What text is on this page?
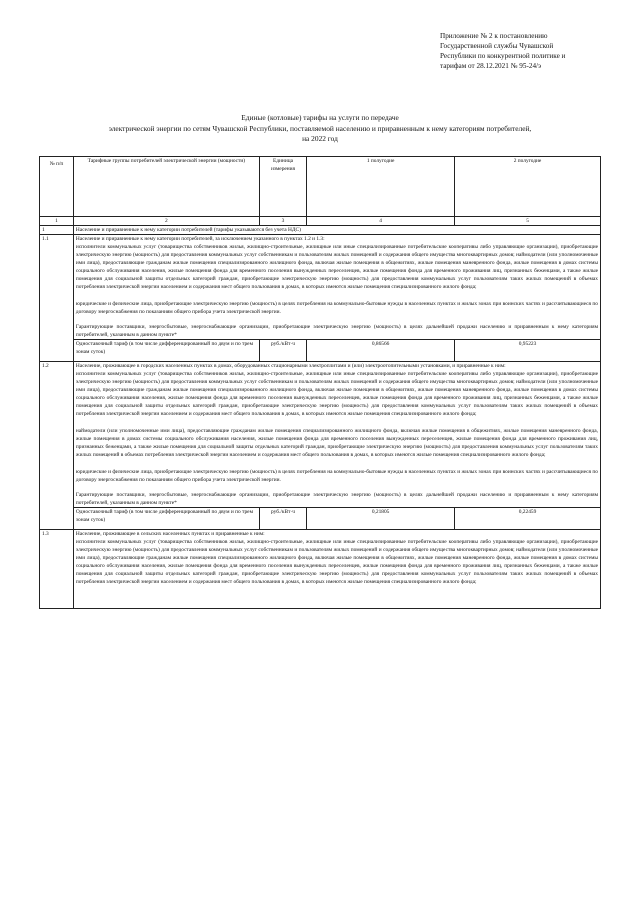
Приложение № 2 к постановлению
Государственной службы Чувашской
Республики по конкурентной политике и
тарифам от 28.12.2021 № 95-24/э
Единые (котловые) тарифы на услуги по передаче
электрической энергии по сетям Чувашской Республики, поставляемой населению и приравненным к нему категориям потребителей,
на 2022 год
№ п/п	Тарифные группы потребителей электрической энергии (мощности)	Единица измерения	1 полугодие	2 полугодие
1	2	3	4	5
1	Население и приравненные к нему категории потребителей (тарифы указываются без учета НДС)			
1.1	Население и приравненные к нему категории потребителей, за исключением указанного в пунктах 1.2 и 1.3:
исполнители коммунальных услуг (товарищества собственников жилья, жилищно-строительные, жилищные или иные специализированные потребительские кооперативы либо управляющие организации), приобретающие электрическую энергию (мощность) для предоставления коммунальных услуг собственникам и пользователям жилых помещений и содержания общего имущества многоквартирных домов; наймодатели (или уполномоченные ими лица), предоставляющие гражданам жилые помещения специализированного жилищного фонда, включая жилые помещения в общежитиях, жилые помещения маневренного фонда, жилые помещения в домах системы социального обслуживания населения, жилые помещения фонда для временного поселения вынужденных переселенцев, жилые помещения фонда для временного проживания лиц, признанных беженцами, а также жилые помещения для социальной защиты отдельных категорий граждан, приобретающие электрическую энергию (мощность) для предоставления коммунальных услуг пользователям таких жилых помещений в объемах потребления электрической энергии населением и содержания мест общего пользования в домах, в которых имеются жилые помещения специализированного жилого фонда;
юридические и физические лица, приобретающие электрическую энергию (мощность) в целях потребления на коммунально-бытовые нужды в населенных пунктах и жилых зонах при воинских частях и рассчитывающиеся по договору энергоснабжения по показаниям общего прибора учета электрической энергии.
Гарантирующие поставщики, энергосбытовые, энергоснабжающие организации, приобретающие электрическую энергию (мощность) в целях дальнейшей продажи населению и приравненным к нему категориям потребителей, указанным в данном пункте*			

	Одноставочный тариф (в том числе дифференцированный по двум и по трем зонам суток)	руб./кВт·ч	0,86566	0,95223
1.2	Население, проживающее в городских населенных пунктах в домах, оборудованных стационарными электроплитами и (или) электроотопительными установками, и приравненные к ним:
исполнители коммунальных услуг (товарищества собственников жилья, жилищно-строительные, жилищные или иные специализированные потребительские кооперативы либо управляющие организации), приобретающие электрическую энергию (мощность) для предоставления коммунальных услуг собственникам и пользователям жилых помещений и содержания общего имущества многоквартирных домов; наймодатели (или уполномоченные ими лица), предоставляющие гражданам жилые помещения специализированного жилищного фонда, включая жилые помещения в общежитиях, жилые помещения маневренного фонда, жилые помещения в домах системы социального обслуживания населения, жилые помещения фонда для временного поселения вынужденных переселенцев, жилые помещения фонда для временного проживания лиц, признанных беженцами, а также жилые помещения для социальной защиты отдельных категорий граждан, приобретающие электрическую энергию (мощность) для предоставления коммунальных услуг пользователям таких жилых помещений в объемах потребления электрической энергии населением и содержания мест общего пользования в домах, в которых имеются жилые помещения специализированного жилого фонда;
наймодатели (или уполномоченные ими лица), предоставляющие гражданам жилые помещения специализированного жилищного фонда, включая жилые помещения в общежитиях, жилые помещения маневренного фонда, жилые помещения в домах системы социального обслуживания населения, жилые помещения фонда для временного поселения вынужденных переселенцев, жилые помещения фонда для временного проживания лиц, признанных беженцами, а также жилые помещения для социальной защиты отдельных категорий граждан, приобретающие электрическую энергию (мощность) для предоставления коммунальных услуг пользователям таких жилых помещений в объемах потребления электрической энергии населением и содержания мест общего пользования в домах, в которых имеются жилые помещения специализированного жилого фонда;
юридические и физические лица, приобретающие электрическую энергию (мощность) в целях потребления на коммунально-бытовые нужды в населенных пунктах и жилых зонах при воинских частях и рассчитывающиеся по договору энергоснабжения по показаниям общего прибора учета электрической энергии.
Гарантирующие поставщики, энергосбытовые, энергоснабжающие организации, приобретающие электрическую энергию (мощность) в целях дальнейшей продажи населению и приравненным к нему категориям потребителей, указанным в данном пункте*			

	Одноставочный тариф (в том числе дифференцированный по двум и по трем зонам суток)	руб./кВт·ч	0,21805	0,22459
1.3	Население, проживающее в сельских населенных пунктах и приравненные к ним:
исполнители коммунальных услуг (товарищества собственников жилья, жилищно-строительные, жилищные или иные специализированные потребительские кооперативы либо управляющие организации), приобретающие электрическую энергию (мощность) для предоставления коммунальных услуг собственникам и пользователям жилых помещений и содержания общего имущества многоквартирных домов; наймодатели (или уполномоченные ими лица), предоставляющие гражданам жилые помещения специализированного жилищного фонда, включая жилые помещения в общежитиях, жилые помещения маневренного фонда, жилые помещения в домах системы социального обслуживания населения, жилые помещения фонда для временного поселения вынужденных переселенцев, жилые помещения фонда для временного проживания лиц, признанных беженцами, а также жилые помещения для социальной защиты отдельных категорий граждан, приобретающие электрическую энергию (мощность) для предоставления коммунальных услуг пользователям таких жилых помещений в объемах потребления электрической энергии населением и содержания мест общего пользования в домах, в которых имеются жилые помещения специализированного жилого фонда;			
